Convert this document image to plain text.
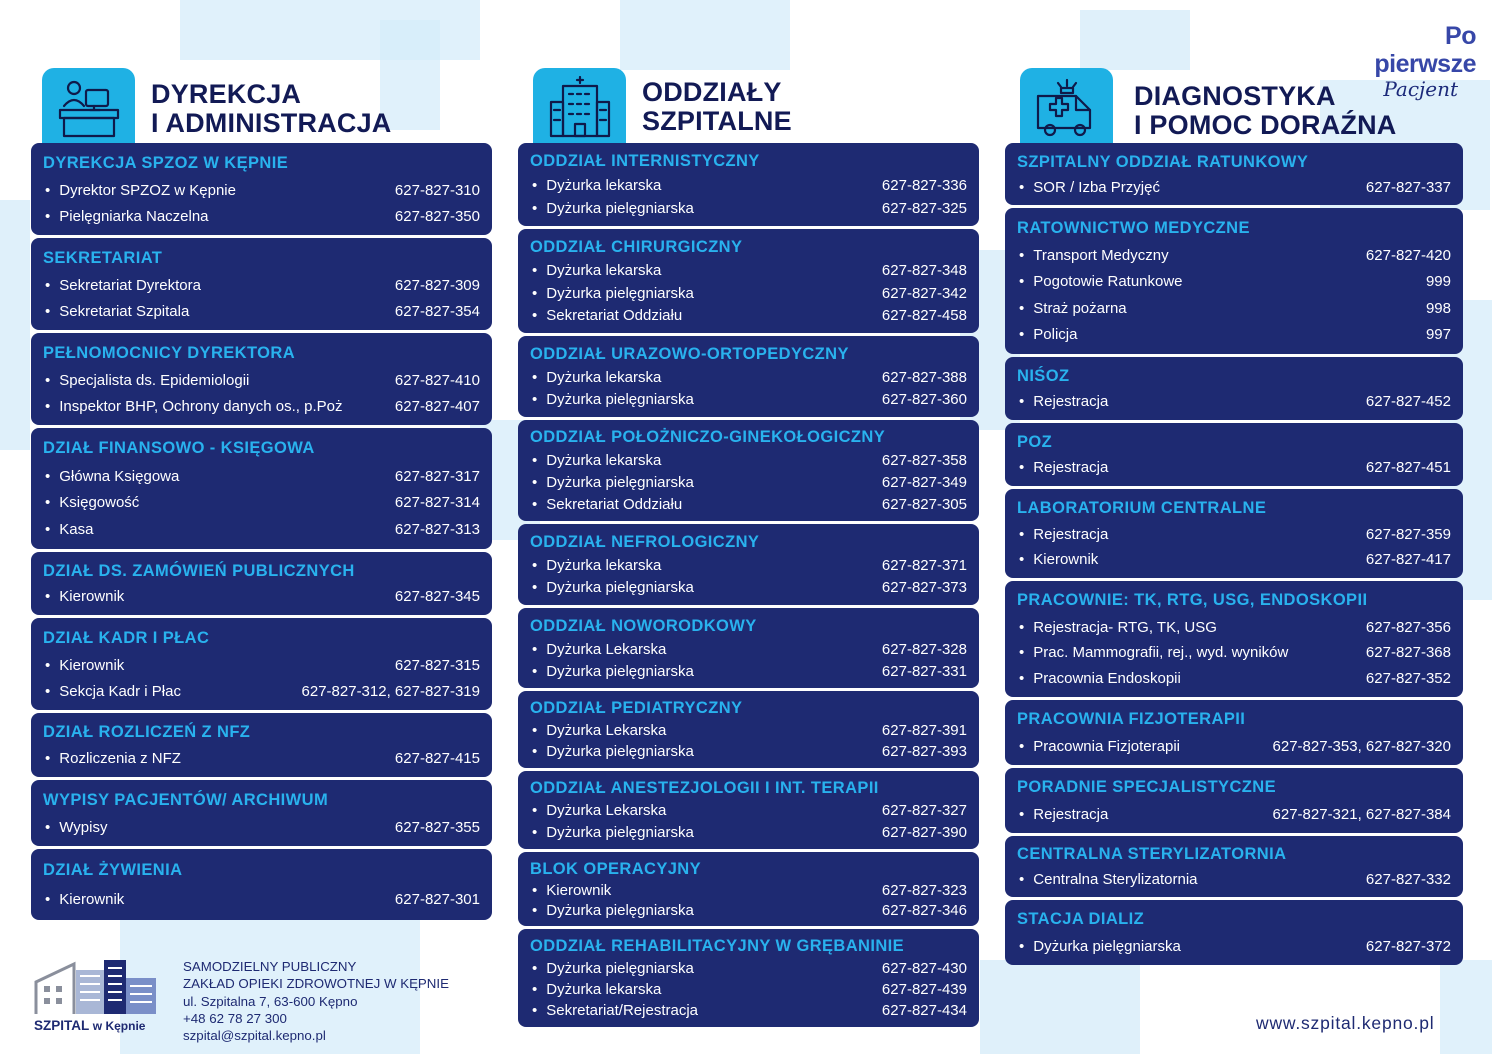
Po pierwsze
Pacjent
DYREKCJA
I ADMINISTRACJA
ODDZIAŁY
SZPITALNE
DIAGNOSTYKA
I POMOC DORAŹNA
DYREKCJA SPZOZ W KĘPNIE
• Dyrektor SPZOZ w Kępnie	627-827-310
• Pielęgniarka Naczelna	627-827-350
SEKRETARIAT
• Sekretariat Dyrektora	627-827-309
• Sekretariat Szpitala	627-827-354
PEŁNOMOCNICY DYREKTORA
• Specjalista ds. Epidemiologii	627-827-410
• Inspektor BHP, Ochrony danych os., p.Poż	627-827-407
DZIAŁ FINANSOWO - KSIĘGOWA
• Główna Księgowa	627-827-317
• Księgowość	627-827-314
• Kasa	627-827-313
DZIAŁ DS. ZAMÓWIEŃ PUBLICZNYCH
• Kierownik	627-827-345
DZIAŁ KADR I PŁAC
• Kierownik	627-827-315
• Sekcja Kadr i Płac	627-827-312, 627-827-319
DZIAŁ ROZLICZEŃ Z NFZ
• Rozliczenia z NFZ	627-827-415
WYPISY PACJENTÓW/ ARCHIWUM
• Wypisy	627-827-355
DZIAŁ ŻYWIENIA
• Kierownik	627-827-301
ODDZIAŁ INTERNISTYCZNY
• Dyżurka lekarska	627-827-336
• Dyżurka pielęgniarska	627-827-325
ODDZIAŁ CHIRURGICZNY
• Dyżurka lekarska	627-827-348
• Dyżurka pielęgniarska	627-827-342
• Sekretariat Oddziału	627-827-458
ODDZIAŁ URAZOWO-ORTOPEDYCZNY
• Dyżurka lekarska	627-827-388
• Dyżurka pielęgniarska	627-827-360
ODDZIAŁ POŁOŻNICZO-GINEKOŁOGICZNY
• Dyżurka lekarska	627-827-358
• Dyżurka pielęgniarska	627-827-349
• Sekretariat Oddziału	627-827-305
ODDZIAŁ NEFROLOGICZNY
• Dyżurka lekarska	627-827-371
• Dyżurka pielęgniarska	627-827-373
ODDZIAŁ NOWORODKOWY
• Dyżurka Lekarska	627-827-328
• Dyżurka pielęgniarska	627-827-331
ODDZIAŁ PEDIATRYCZNY
• Dyżurka Lekarska	627-827-391
• Dyżurka pielęgniarska	627-827-393
ODDZIAŁ ANESTEZJOLOGII I INT. TERAPII
• Dyżurka Lekarska	627-827-327
• Dyżurka pielęgniarska	627-827-390
BLOK OPERACYJNY
• Kierownik	627-827-323
• Dyżurka pielęgniarska	627-827-346
ODDZIAŁ REHABILITACYJNY W GRĘBANINIE
• Dyżurka pielęgniarska	627-827-430
• Dyżurka lekarska	627-827-439
• Sekretariat/Rejestracja	627-827-434
SZPITALNY ODDZIAŁ RATUNKOWY
• SOR / Izba Przyjęć	627-827-337
RATOWNICTWO MEDYCZNE
• Transport Medyczny	627-827-420
• Pogotowie Ratunkowe	999
• Straż pożarna	998
• Policja	997
NIŚOZ
• Rejestracja	627-827-452
POZ
• Rejestracja	627-827-451
LABORATORIUM CENTRALNE
• Rejestracja	627-827-359
• Kierownik	627-827-417
PRACOWNIE: TK, RTG, USG, ENDOSKOPII
• Rejestracja- RTG, TK, USG	627-827-356
• Prac. Mammografii, rej., wyd. wyników	627-827-368
• Pracownia Endoskopii	627-827-352
PRACOWNIA FIZJOTERAPII
• Pracownia Fizjoterapii	627-827-353, 627-827-320
PORADNIE SPECJALISTYCZNE
• Rejestracja	627-827-321, 627-827-384
CENTRALNA STERYLIZATORNIA
• Centralna Sterylizatornia	627-827-332
STACJA DIALIZ
• Dyżurka pielęgniarska	627-827-372
SZPITAL w Kępnie
SAMODZIELNY PUBLICZNY
ZAKŁAD OPIEKI ZDROWOTNEJ W KĘPNIE
ul. Szpitalna 7, 63-600 Kępno
+48 62 78 27 300
szpital@szpital.kepno.pl
www.szpital.kepno.pl
